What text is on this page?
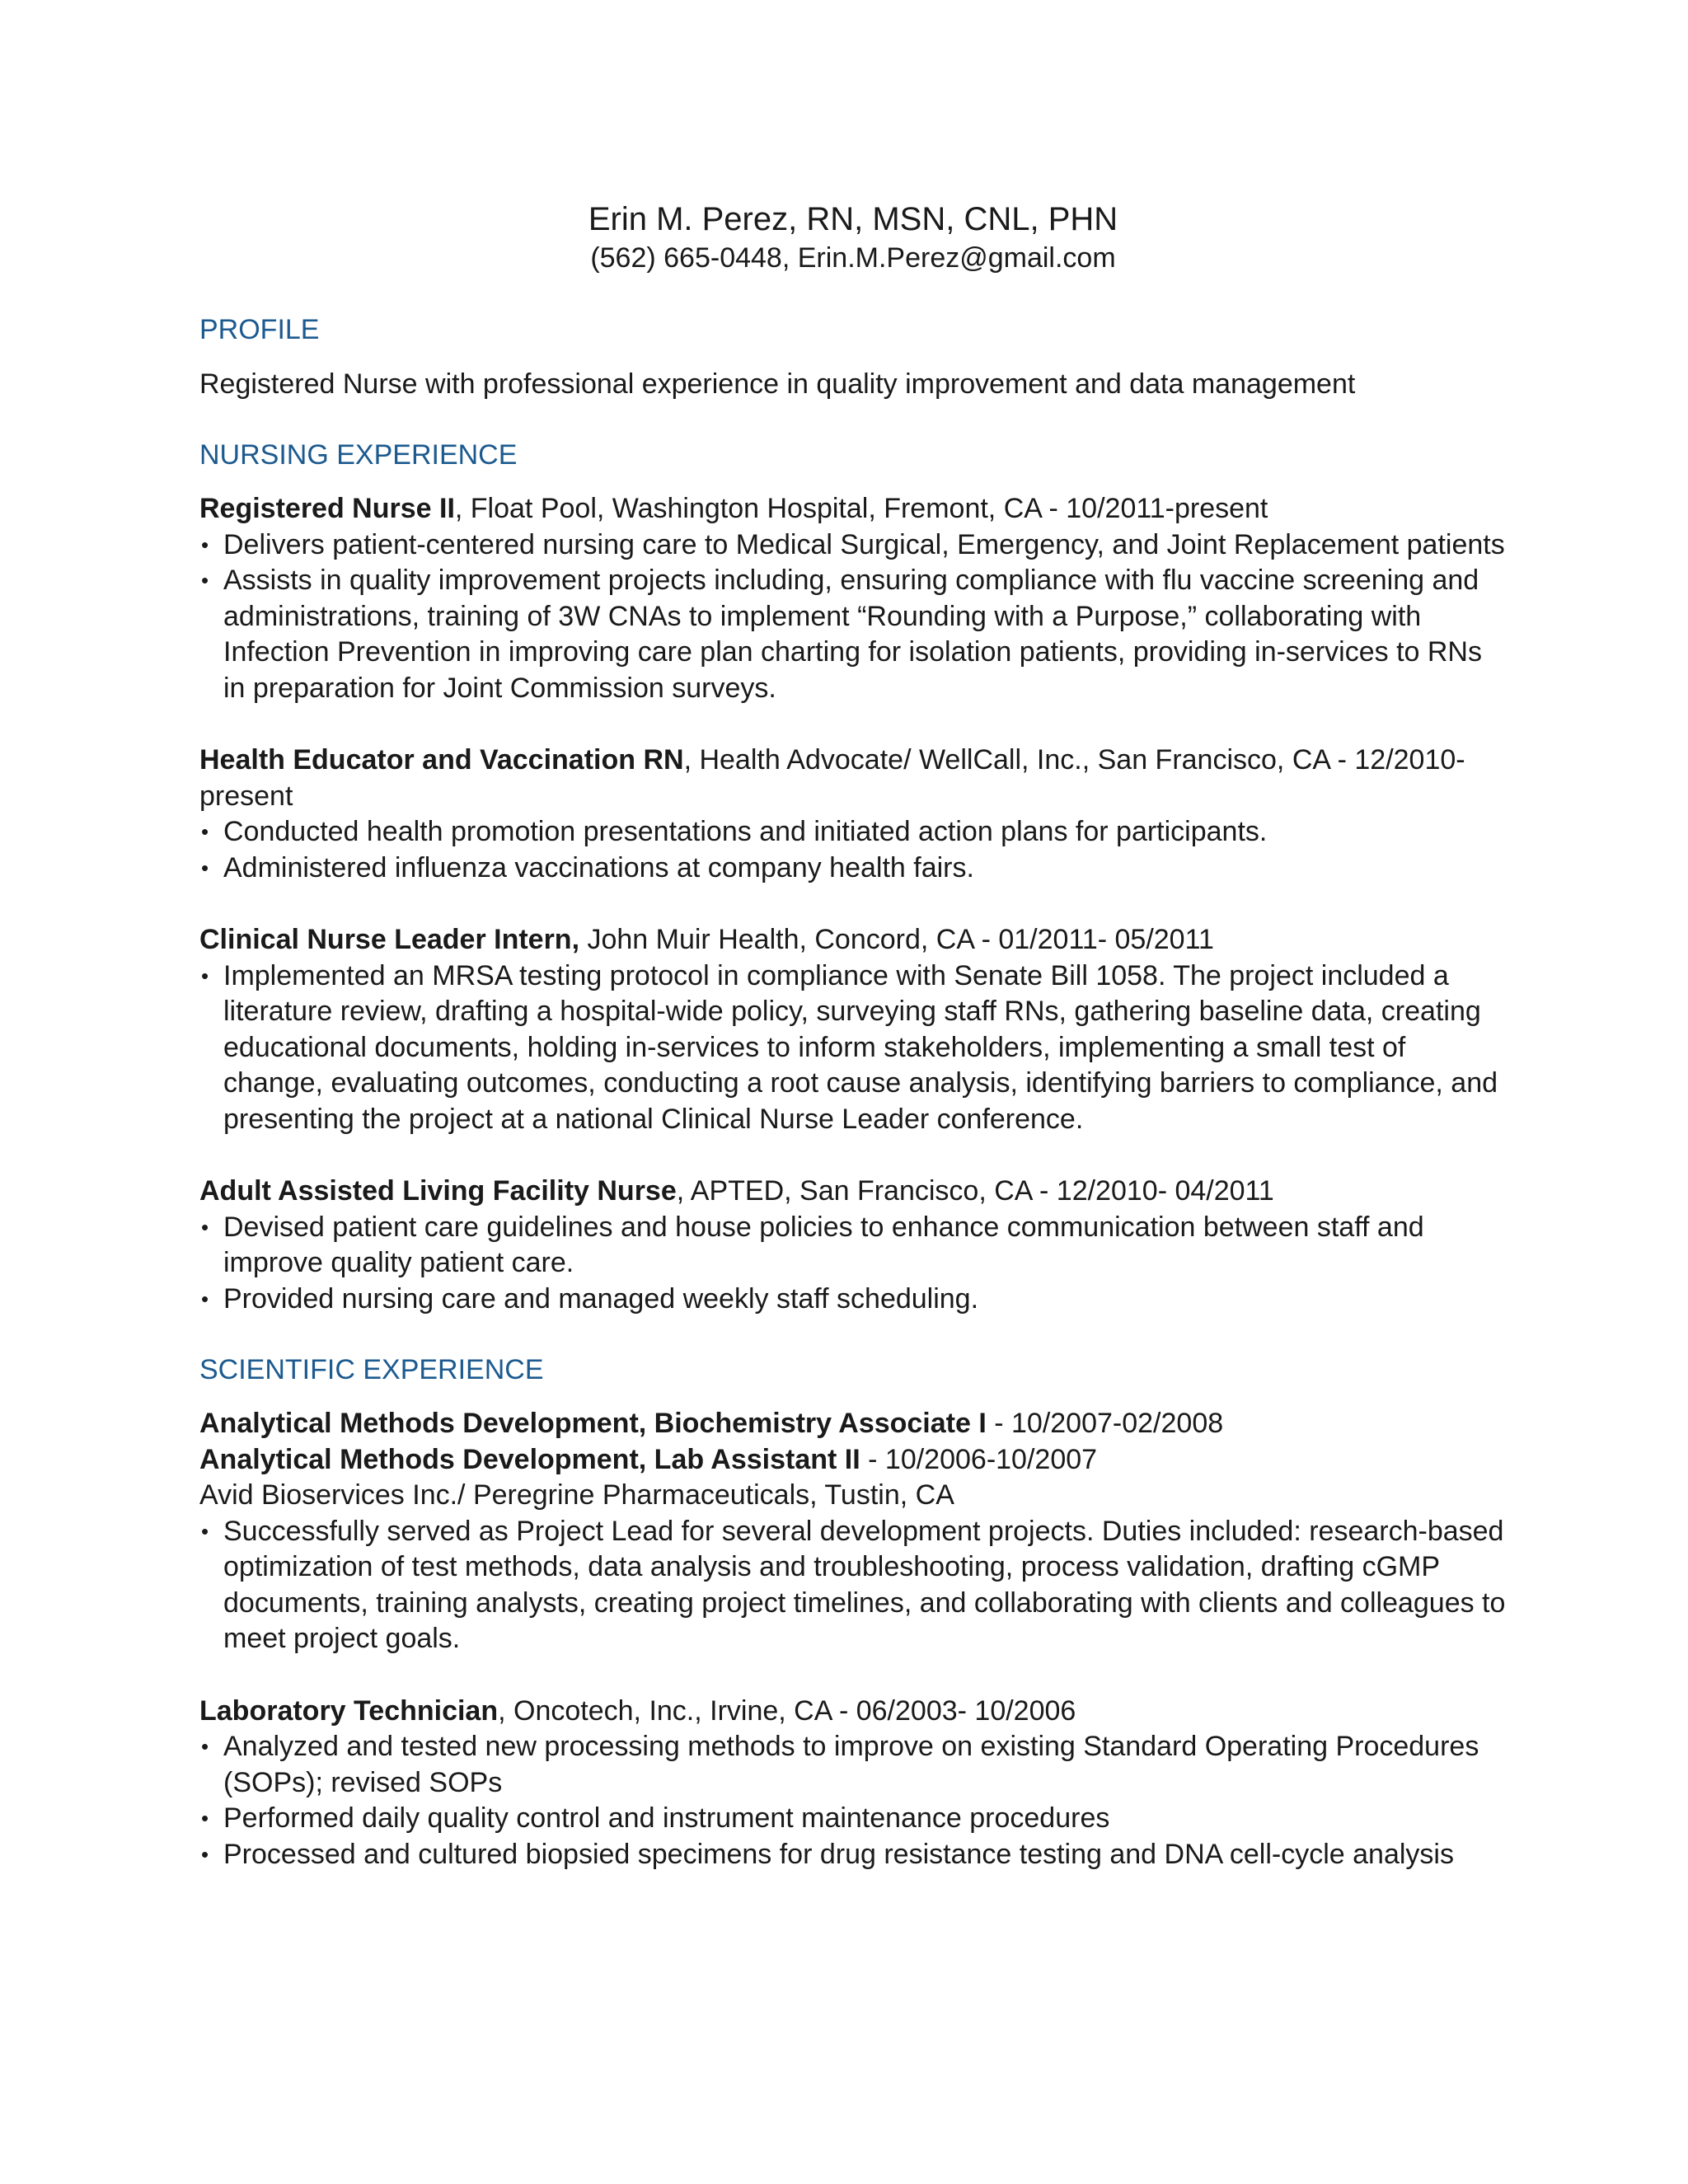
Erin M. Perez, RN, MSN, CNL, PHN
(562) 665-0448, Erin.M.Perez@gmail.com
PROFILE
Registered Nurse with professional experience in quality improvement and data management
NURSING EXPERIENCE
Registered Nurse II, Float Pool, Washington Hospital, Fremont, CA - 10/2011-present
• Delivers patient-centered nursing care to Medical Surgical, Emergency, and Joint Replacement patients
• Assists in quality improvement projects including, ensuring compliance with flu vaccine screening and administrations, training of 3W CNAs to implement “Rounding with a Purpose,” collaborating with Infection Prevention in improving care plan charting for isolation patients, providing in-services to RNs in preparation for Joint Commission surveys.
Health Educator and Vaccination RN, Health Advocate/ WellCall, Inc., San Francisco, CA - 12/2010-present
• Conducted health promotion presentations and initiated action plans for participants.
• Administered influenza vaccinations at company health fairs.
Clinical Nurse Leader Intern, John Muir Health, Concord, CA - 01/2011- 05/2011
• Implemented an MRSA testing protocol in compliance with Senate Bill 1058. The project included a literature review, drafting a hospital-wide policy, surveying staff RNs, gathering baseline data, creating educational documents, holding in-services to inform stakeholders, implementing a small test of change, evaluating outcomes, conducting a root cause analysis, identifying barriers to compliance, and presenting the project at a national Clinical Nurse Leader conference.
Adult Assisted Living Facility Nurse, APTED, San Francisco, CA - 12/2010- 04/2011
• Devised patient care guidelines and house policies to enhance communication between staff and improve quality patient care.
• Provided nursing care and managed weekly staff scheduling.
SCIENTIFIC EXPERIENCE
Analytical Methods Development, Biochemistry Associate I - 10/2007-02/2008
Analytical Methods Development, Lab Assistant II - 10/2006-10/2007
Avid Bioservices Inc./ Peregrine Pharmaceuticals, Tustin, CA
• Successfully served as Project Lead for several development projects. Duties included: research-based optimization of test methods, data analysis and troubleshooting, process validation, drafting cGMP documents, training analysts, creating project timelines, and collaborating with clients and colleagues to meet project goals.
Laboratory Technician, Oncotech, Inc., Irvine, CA - 06/2003- 10/2006
• Analyzed and tested new processing methods to improve on existing Standard Operating Procedures (SOPs); revised SOPs
• Performed daily quality control and instrument maintenance procedures
• Processed and cultured biopsied specimens for drug resistance testing and DNA cell-cycle analysis
